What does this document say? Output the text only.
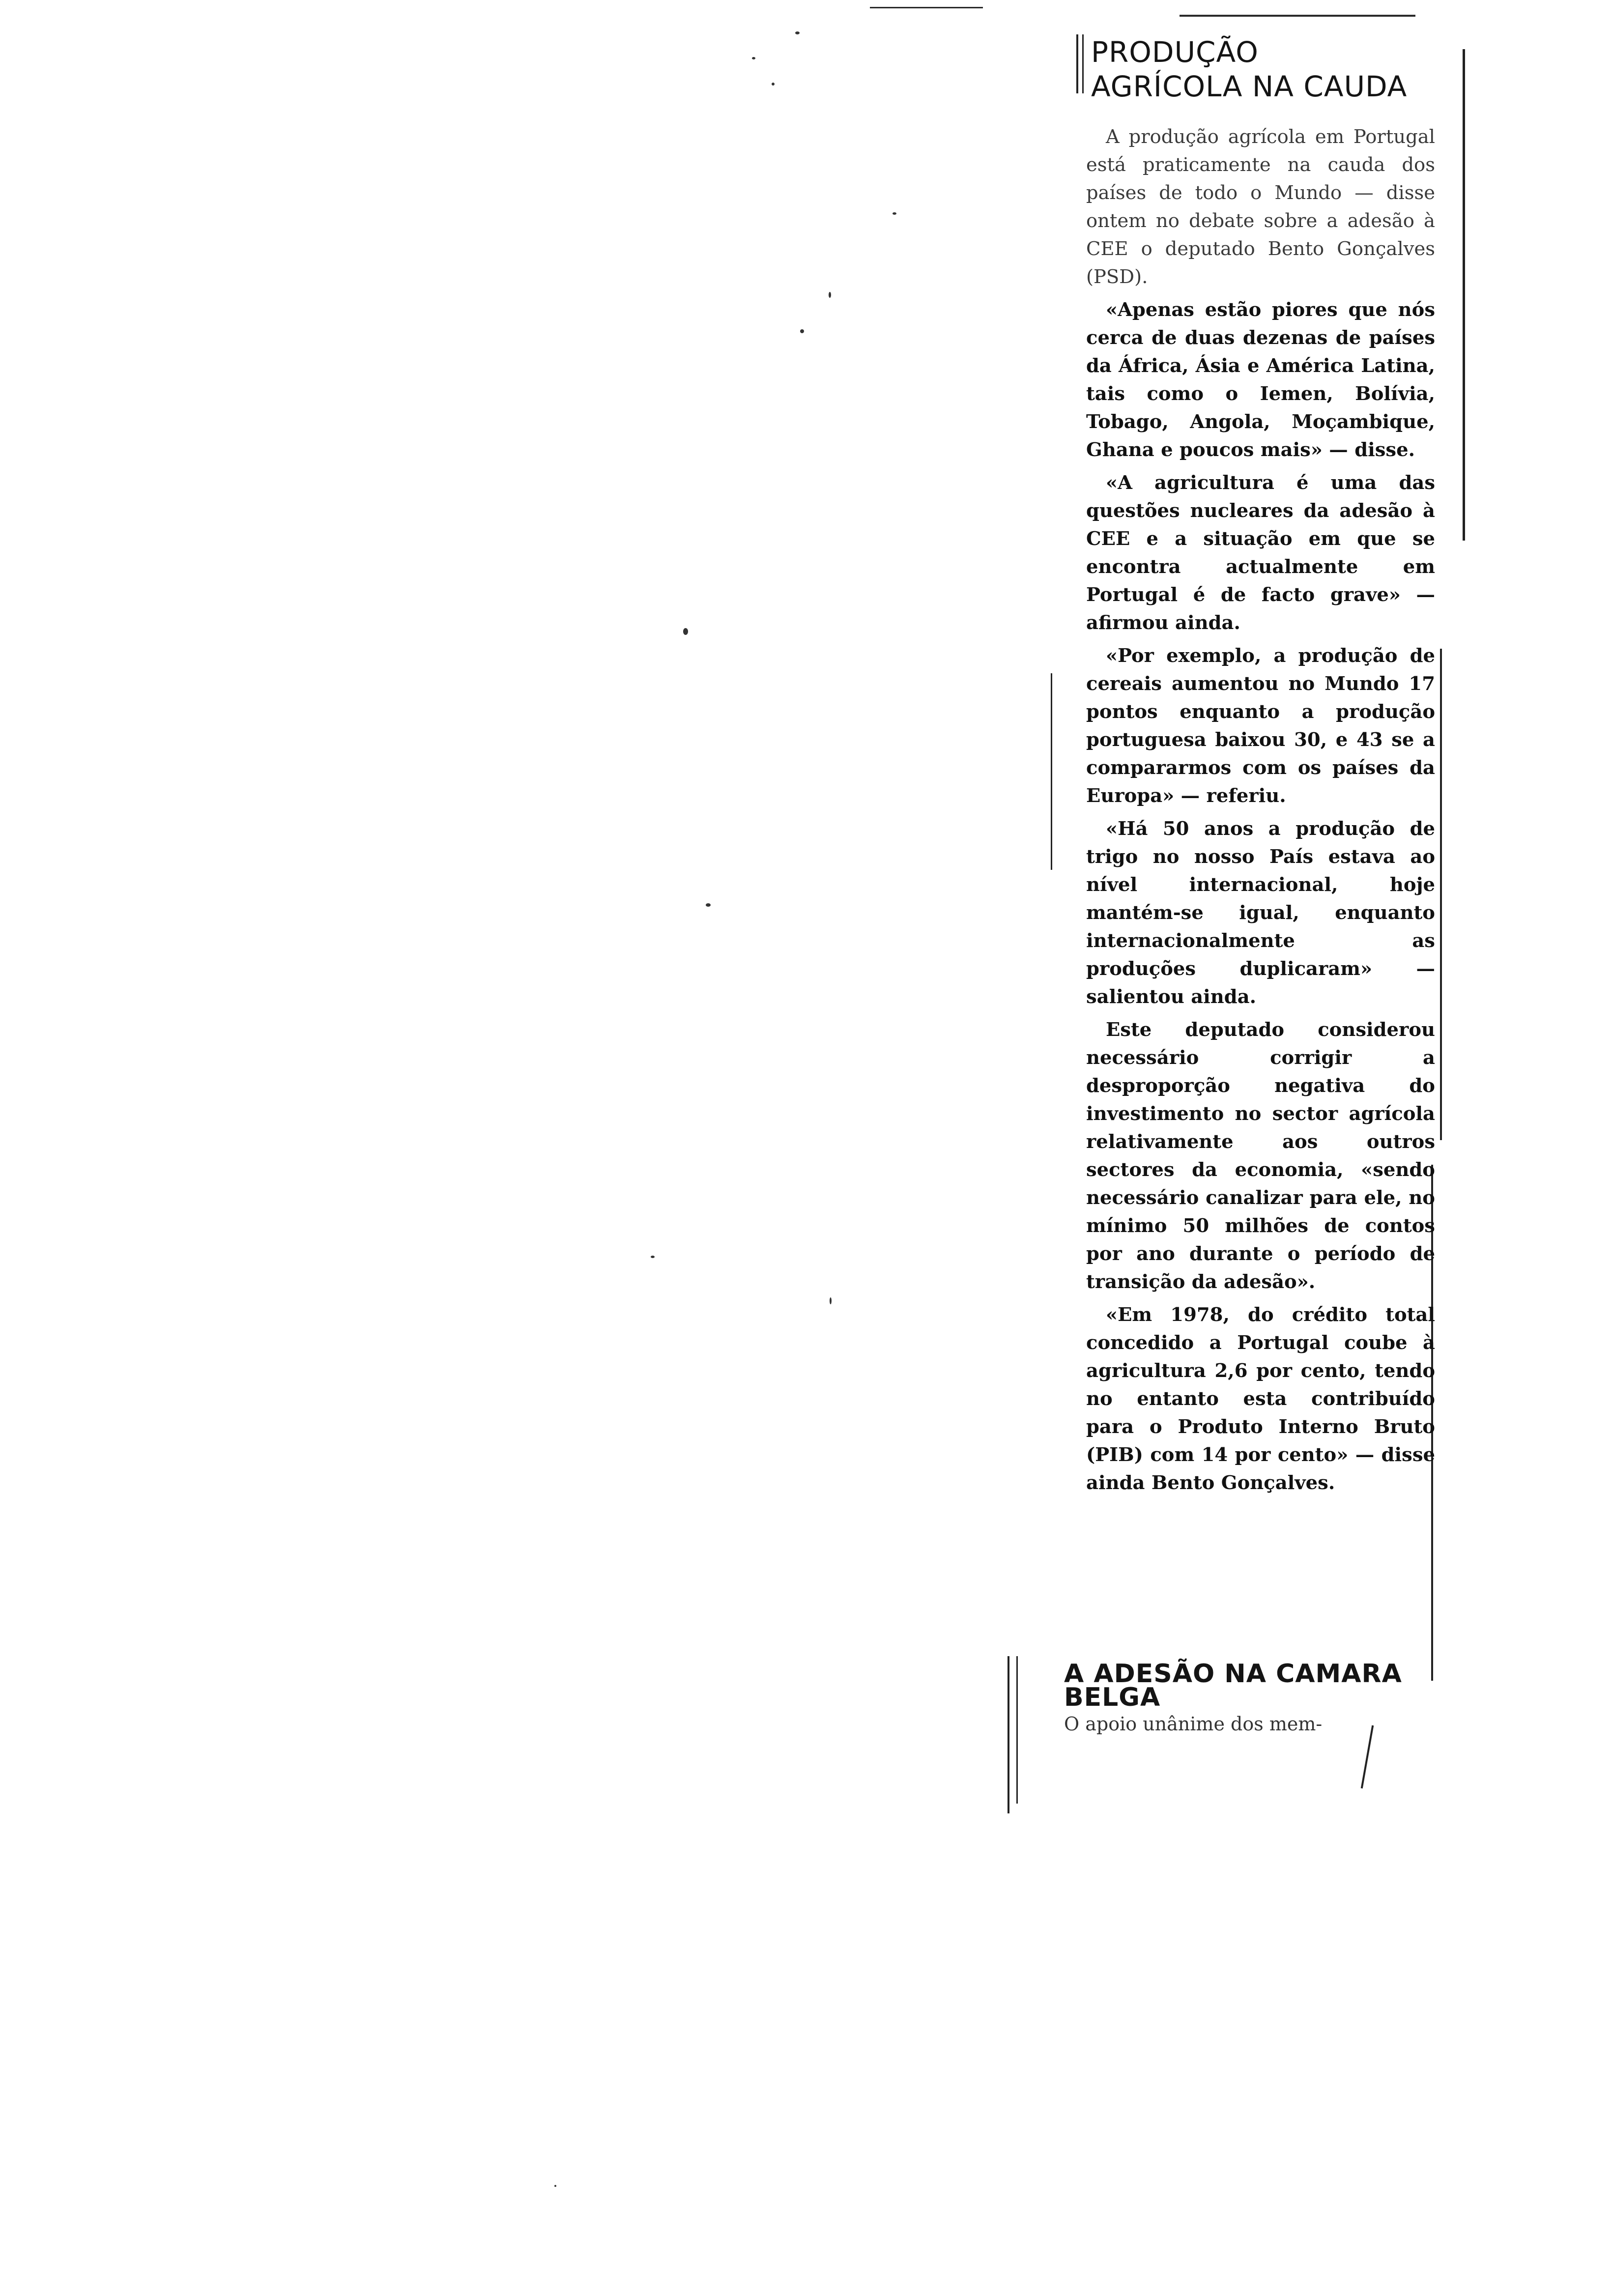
PRODUÇÃO
AGRÍCOLA NA CAUDA

A produção agrícola em Portugal está praticamente na cauda dos países de todo o Mundo — disse ontem no debate sobre a adesão à CEE o deputado Bento Gonçalves (PSD).

«Apenas estão piores que nós cerca de duas dezenas de países da África, Ásia e América Latina, tais como o Iemen, Bolívia, Tobago, Angola, Moçambique, Ghana e poucos mais» — disse.

«A agricultura é uma das questões nucleares da adesão à CEE e a situação em que se encontra actualmente em Portugal é de facto grave» — afirmou ainda.

«Por exemplo, a produção de cereais aumentou no Mundo 17 pontos enquanto a produção portuguesa baixou 30, e 43 se a compararmos com os países da Europa» — referiu.

«Há 50 anos a produção de trigo no nosso País estava ao nível internacional, hoje mantém-se igual, enquanto internacionalmente as produções duplicaram» — salientou ainda.

Este deputado considerou necessário corrigir a desproporção negativa do investimento no sector agrícola relativamente aos outros sectores da economia, «sendo necessário canalizar para ele, no mínimo 50 milhões de contos por ano durante o período de transição da adesão».

«Em 1978, do crédito total concedido a Portugal coube à agricultura 2,6 por cento, tendo no entanto esta contribuído para o Produto Interno Bruto (PIB) com 14 por cento» — disse ainda Bento Gonçalves.

A ADESÃO NA CAMARA
BELGA
O apoio unânime dos mem-
